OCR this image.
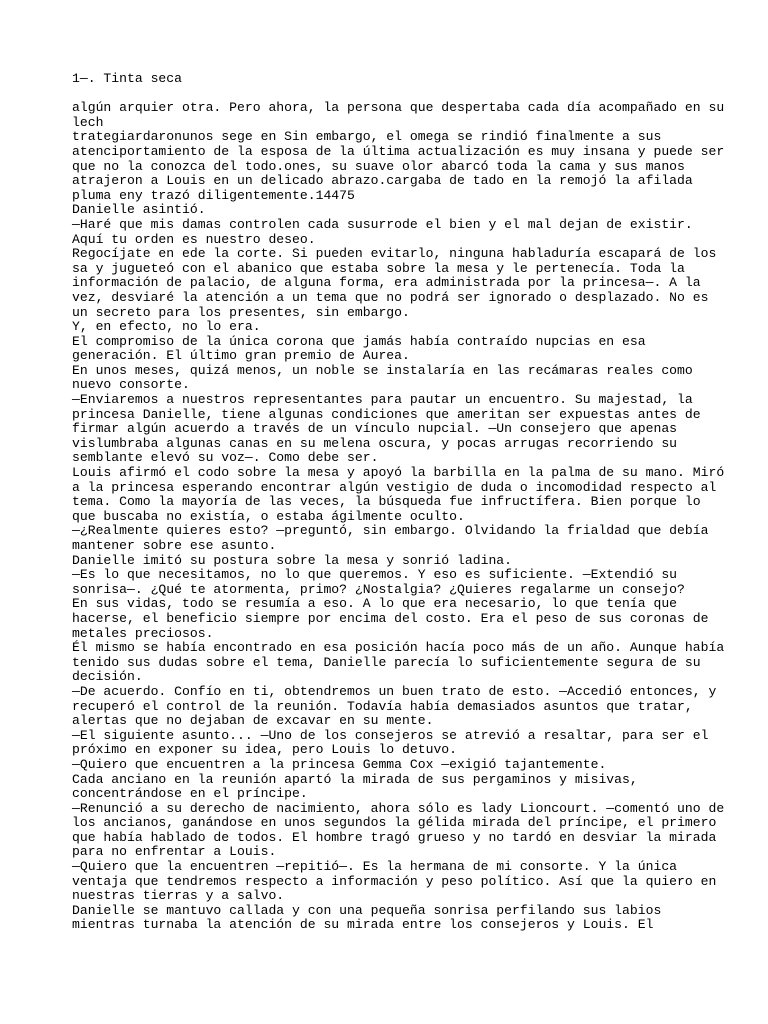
1—. Tinta seca
algún arquier otra. Pero ahora, la persona que despertaba cada día acompañado en su
lech
trategiardaronunos sege en Sin embargo, el omega se rindió finalmente a sus
atenciportamiento de la esposa de la última actualización es muy insana y puede ser
que no la conozca del todo.ones, su suave olor abarcó toda la cama y sus manos
atrajeron a Louis en un delicado abrazo.cargaba de tado en la remojó la afilada
pluma eny trazó diligentemente.14475
Danielle asintió.
—Haré que mis damas controlen cada susurrode el bien y el mal dejan de existir.
Aquí tu orden es nuestro deseo.
Regocíjate en ede la corte. Si pueden evitarlo, ninguna habladuría escapará de los
sa y jugueteó con el abanico que estaba sobre la mesa y le pertenecía. Toda la
información de palacio, de alguna forma, era administrada por la princesa—. A la
vez, desviaré la atención a un tema que no podrá ser ignorado o desplazado. No es
un secreto para los presentes, sin embargo.
Y, en efecto, no lo era.
El compromiso de la única corona que jamás había contraído nupcias en esa
generación. El último gran premio de Aurea.
En unos meses, quizá menos, un noble se instalaría en las recámaras reales como
nuevo consorte.
—Enviaremos a nuestros representantes para pautar un encuentro. Su majestad, la
princesa Danielle, tiene algunas condiciones que ameritan ser expuestas antes de
firmar algún acuerdo a través de un vínculo nupcial. —Un consejero que apenas
vislumbraba algunas canas en su melena oscura, y pocas arrugas recorriendo su
semblante elevó su voz—. Como debe ser.
Louis afirmó el codo sobre la mesa y apoyó la barbilla en la palma de su mano. Miró
a la princesa esperando encontrar algún vestigio de duda o incomodidad respecto al
tema. Como la mayoría de las veces, la búsqueda fue infructífera. Bien porque lo
que buscaba no existía, o estaba ágilmente oculto.
—¿Realmente quieres esto? —preguntó, sin embargo. Olvidando la frialdad que debía
mantener sobre ese asunto.
Danielle imitó su postura sobre la mesa y sonrió ladina.
—Es lo que necesitamos, no lo que queremos. Y eso es suficiente. —Extendió su
sonrisa—. ¿Qué te atormenta, primo? ¿Nostalgia? ¿Quieres regalarme un consejo?
En sus vidas, todo se resumía a eso. A lo que era necesario, lo que tenía que
hacerse, el beneficio siempre por encima del costo. Era el peso de sus coronas de
metales preciosos.
Él mismo se había encontrado en esa posición hacía poco más de un año. Aunque había
tenido sus dudas sobre el tema, Danielle parecía lo suficientemente segura de su
decisión.
—De acuerdo. Confío en ti, obtendremos un buen trato de esto. —Accedió entonces, y
recuperó el control de la reunión. Todavía había demasiados asuntos que tratar,
alertas que no dejaban de excavar en su mente.
—El siguiente asunto... —Uno de los consejeros se atrevió a resaltar, para ser el
próximo en exponer su idea, pero Louis lo detuvo.
—Quiero que encuentren a la princesa Gemma Cox —exigió tajantemente.
Cada anciano en la reunión apartó la mirada de sus pergaminos y misivas,
concentrándose en el príncipe.
—Renunció a su derecho de nacimiento, ahora sólo es lady Lioncourt. —comentó uno de
los ancianos, ganándose en unos segundos la gélida mirada del príncipe, el primero
que había hablado de todos. El hombre tragó grueso y no tardó en desviar la mirada
para no enfrentar a Louis.
—Quiero que la encuentren —repitió—. Es la hermana de mi consorte. Y la única
ventaja que tendremos respecto a información y peso político. Así que la quiero en
nuestras tierras y a salvo.
Danielle se mantuvo callada y con una pequeña sonrisa perfilando sus labios
mientras turnaba la atención de su mirada entre los consejeros y Louis. El
